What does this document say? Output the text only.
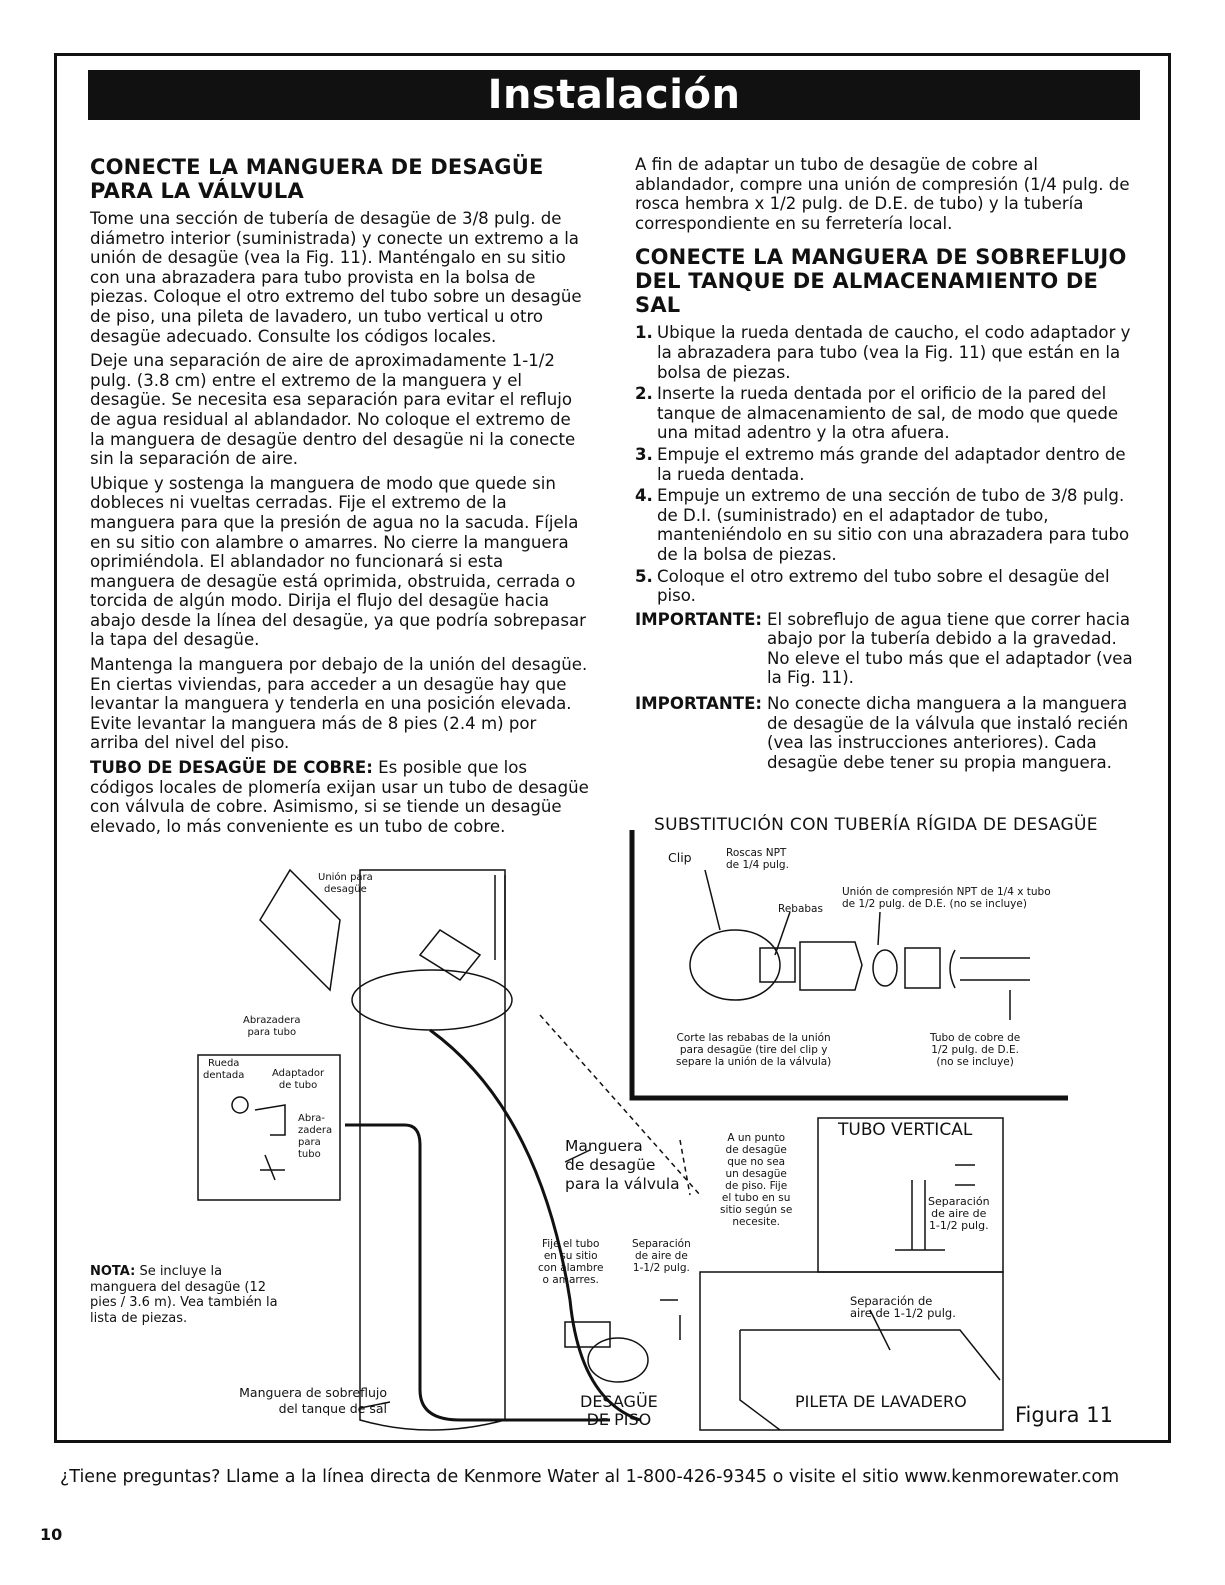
Instalación
CONECTE LA MANGUERA DE DESAGÜE PARA LA VÁLVULA

Tome una sección de tubería de desagüe de 3/8 pulg. de diámetro interior (suministrada) y conecte un extremo a la unión de desagüe (vea la Fig. 11). Manténgalo en su sitio con una abrazadera para tubo provista en la bolsa de piezas. Coloque el otro extremo del tubo sobre un desagüe de piso, una pileta de lavadero, un tubo vertical u otro desagüe adecuado. Consulte los códigos locales.

Deje una separación de aire de aproximadamente 1-1/2 pulg. (3.8 cm) entre el extremo de la manguera y el desagüe. Se necesita esa separación para evitar el reflujo de agua residual al ablandador. No coloque el extremo de la manguera de desagüe dentro del desagüe ni la conecte sin la separación de aire.

Ubique y sostenga la manguera de modo que quede sin dobleces ni vueltas cerradas. Fije el extremo de la manguera para que la presión de agua no la sacuda. Fíjela en su sitio con alambre o amarres. No cierre la manguera oprimiéndola. El ablandador no funcionará si esta manguera de desagüe está oprimida, obstruida, cerrada o torcida de algún modo. Dirija el flujo del desagüe hacia abajo desde la línea del desagüe, ya que podría sobrepasar la tapa del desagüe.

Mantenga la manguera por debajo de la unión del desagüe. En ciertas viviendas, para acceder a un desagüe hay que levantar la manguera y tenderla en una posición elevada. Evite levantar la manguera más de 8 pies (2.4 m) por arriba del nivel del piso.

TUBO DE DESAGÜE DE COBRE: Es posible que los códigos locales de plomería exijan usar un tubo de desagüe con válvula de cobre. Asimismo, si se tiende un desagüe elevado, lo más conveniente es un tubo de cobre.

A fin de adaptar un tubo de desagüe de cobre al ablandador, compre una unión de compresión (1/4 pulg. de rosca hembra x 1/2 pulg. de D.E. de tubo) y la tubería correspondiente en su ferretería local.

CONECTE LA MANGUERA DE SOBREFLUJO DEL TANQUE DE ALMACENAMIENTO DE SAL
1. Ubique la rueda dentada de caucho, el codo adaptador y la abrazadera para tubo (vea la Fig. 11) que están en la bolsa de piezas.
2. Inserte la rueda dentada por el orificio de la pared del tanque de almacenamiento de sal, de modo que quede una mitad adentro y la otra afuera.
3. Empuje el extremo más grande del adaptador dentro de la rueda dentada.
4. Empuje un extremo de una sección de tubo de 3/8 pulg. de D.I. (suministrado) en el adaptador de tubo, manteniéndolo en su sitio con una abrazadera para tubo de la bolsa de piezas.
5. Coloque el otro extremo del tubo sobre el desagüe del piso.
IMPORTANTE: El sobreflujo de agua tiene que correr hacia abajo por la tubería debido a la gravedad. No eleve el tubo más que el adaptador (vea la Fig. 11).
IMPORTANTE: No conecte dicha manguera a la manguera de desagüe de la válvula que instaló recién (vea las instrucciones anteriores). Cada desagüe debe tener su propia manguera.
SUBSTITUCIÓN CON TUBERÍA RÍGIDA DE DESAGÜE
Clip	Roscas NPT
de 1/4 pulg.
Unión de compresión NPT de 1/4 x tubo
de 1/2 pulg. de D.E. (no se incluye)
Rebabas
Corte las rebabas de la unión
para desagüe (tire del clip y
separe la unión de la válvula)
Tubo de cobre de
1/2 pulg. de D.E.
(no se incluye)
Unión para
desagüe
Abrazadera
para tubo
Rueda
dentada	Adaptador
de tubo
Abra-
zadera
para
tubo	Manguera
de desagüe
para la válvula
A un punto
de desagüe
que no sea
un desagüe
de piso. Fije
el tubo en su
sitio según se
necesite.
TUBO VERTICAL
Separación
de aire de
1-1/2 pulg.
Fije el tubo
en su sitio
con alambre
o amarres.
Separación
de aire de
1-1/2 pulg.
Separación de
aire de 1-1/2 pulg.
NOTA: Se incluye la manguera del desagüe (12 pies / 3.6 m). Vea también la lista de piezas.
Manguera de sobreflujo
del tanque de sal	DESAGÜE
DE PISO
PILETA DE LAVADERO
Figura 11
¿Tiene preguntas? Llame a la línea directa de Kenmore Water al 1-800-426-9345 o visite el sitio www.kenmorewater.com
10
